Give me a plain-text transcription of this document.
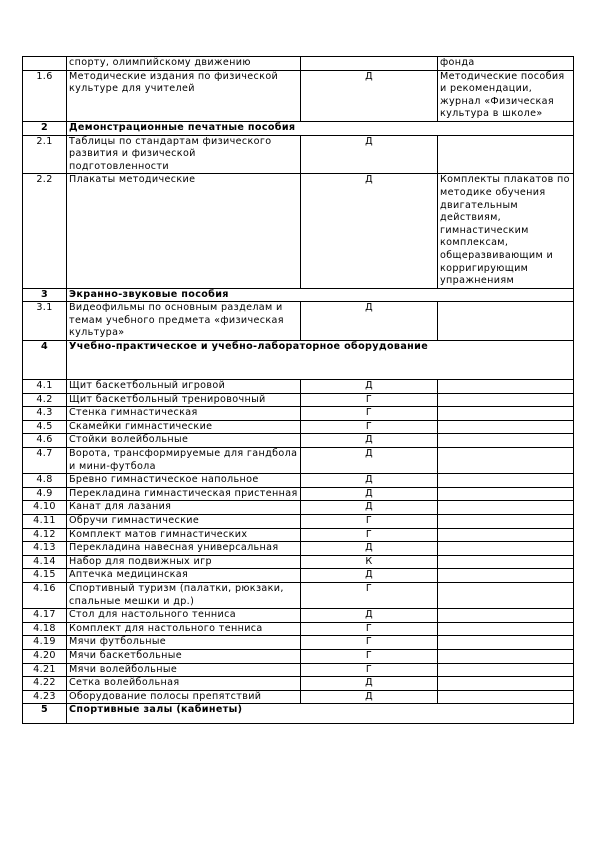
	спорту, олимпийскому движению		фонда
1.6	Методические издания по физической культуре для учителей	Д	Методические пособия и рекомендации, журнал «Физическая культура в школе»
2	Демонстрационные печатные пособия		
2.1	Таблицы по стандартам физического развития и физической подготовленности	Д	
2.2	Плакаты методические	Д	Комплекты плакатов по методике обучения двигательным действиям, гимнастическим комплексам, общеразвивающим и корригирующим упражнениям
3	Экранно-звуковые пособия		
3.1	Видеофильмы по основным разделам и темам учебного предмета «физическая культура»	Д	
4	Учебно-практическое и учебно-лабораторное оборудование		
4.1	Щит баскетбольный игровой	Д	
4.2	Щит баскетбольный тренировочный	Г	
4.3	Стенка гимнастическая	Г	
4.5	Скамейки гимнастические	Г	
4.6	Стойки волейбольные	Д	
4.7	Ворота, трансформируемые для гандбола и мини-футбола	Д	
4.8	Бревно гимнастическое напольное	Д	
4.9	Перекладина гимнастическая пристенная	Д	
4.10	Канат для лазания	Д	
4.11	Обручи гимнастические	Г	
4.12	Комплект матов гимнастических	Г	
4.13	Перекладина навесная универсальная	Д	
4.14	Набор для подвижных игр	К	
4.15	Аптечка медицинская	Д	
4.16	Спортивный туризм (палатки, рюкзаки, спальные мешки и др.)	Г	
4.17	Стол для настольного тенниса	Д	
4.18	Комплект для настольного тенниса	Г	
4.19	Мячи футбольные	Г	
4.20	Мячи баскетбольные	Г	
4.21	Мячи волейбольные	Г	
4.22	Сетка волейбольная	Д	
4.23	Оборудование полосы препятствий	Д	
5	Спортивные залы (кабинеты)		
